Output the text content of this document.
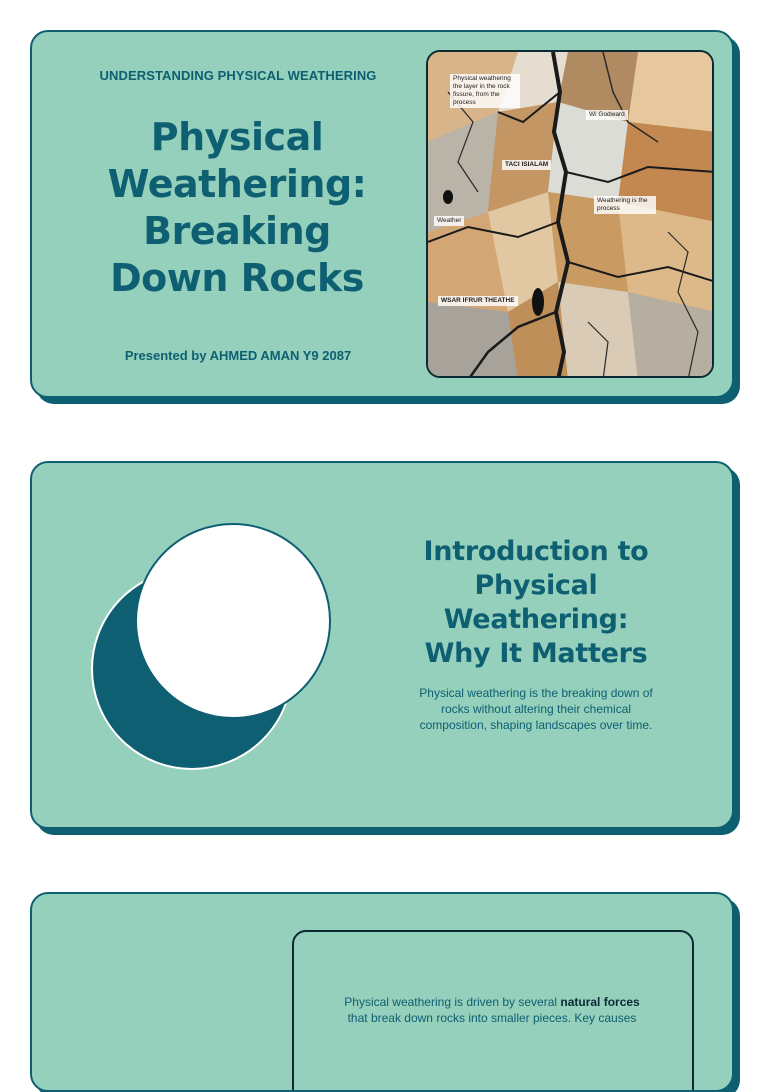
UNDERSTANDING PHYSICAL WEATHERING
Physical
Weathering:
Breaking
Down Rocks
Presented by AHMED AMAN Y9 2087
Physical weathering the layer in the rock fissure, from the process
Wi Godward
TACI ISIALAM
Weathering is the process
Weather
WSAR IFRUR THEATHE
Introduction to
Physical
Weathering:
Why It Matters
Physical weathering is the breaking down of
rocks without altering their chemical
composition, shaping landscapes over time.
Physical weathering is driven by several natural forces
that break down rocks into smaller pieces. Key causes
